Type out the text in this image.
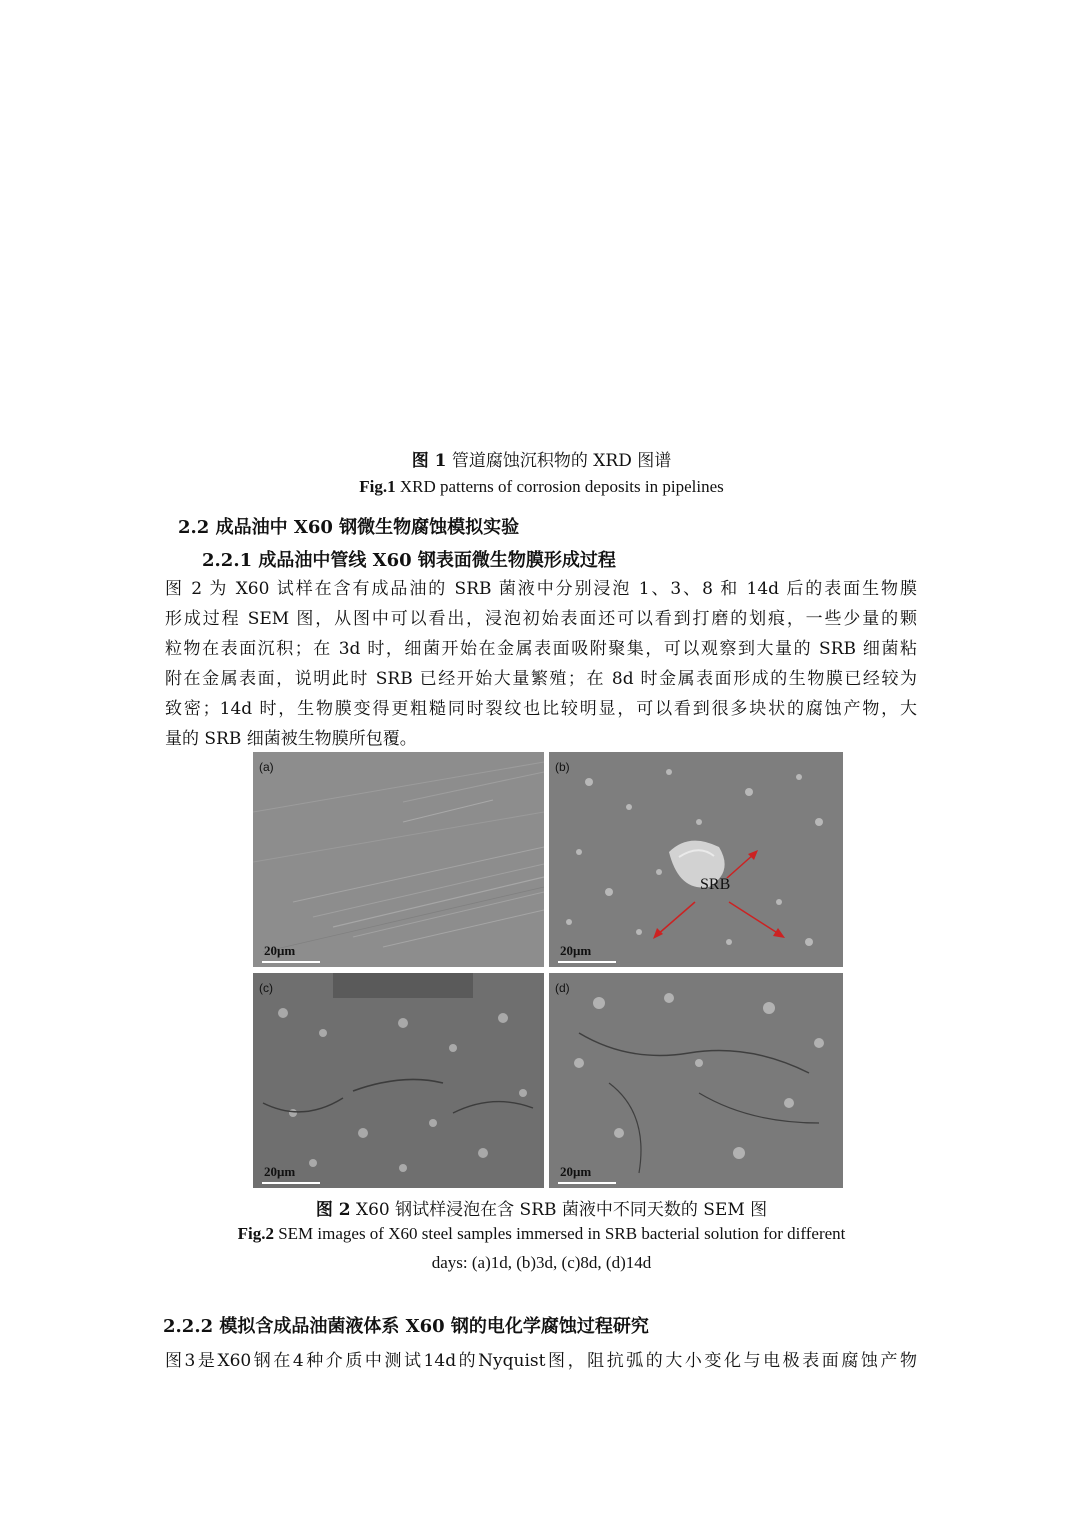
图 1 管道腐蚀沉积物的 XRD 图谱
Fig.1 XRD patterns of corrosion deposits in pipelines
2.2 成品油中 X60 钢微生物腐蚀模拟实验
2.2.1 成品油中管线 X60 钢表面微生物膜形成过程
图 2 为 X60 试样在含有成品油的 SRB 菌液中分别浸泡 1、3、8 和 14d 后的表面生物膜
形成过程 SEM 图，从图中可以看出，浸泡初始表面还可以看到打磨的划痕，一些少量的颗
粒物在表面沉积；在 3d 时，细菌开始在金属表面吸附聚集，可以观察到大量的 SRB 细菌粘
附在金属表面，说明此时 SRB 已经开始大量繁殖；在 8d 时金属表面形成的生物膜已经较为
致密；14d 时，生物膜变得更粗糙同时裂纹也比较明显，可以看到很多块状的腐蚀产物，大
量的 SRB 细菌被生物膜所包覆。
(a)
20μm
(b)
SRB
20μm
(c)
20μm
(d)
20μm
图 2 X60 钢试样浸泡在含 SRB 菌液中不同天数的 SEM 图
Fig.2 SEM images of X60 steel samples immersed in SRB bacterial solution for different
days: (a)1d, (b)3d, (c)8d, (d)14d
2.2.2 模拟含成品油菌液体系 X60 钢的电化学腐蚀过程研究
图3是X60钢在4种介质中测试14d的Nyquist图，阻抗弧的大小变化与电极表面腐蚀产物
